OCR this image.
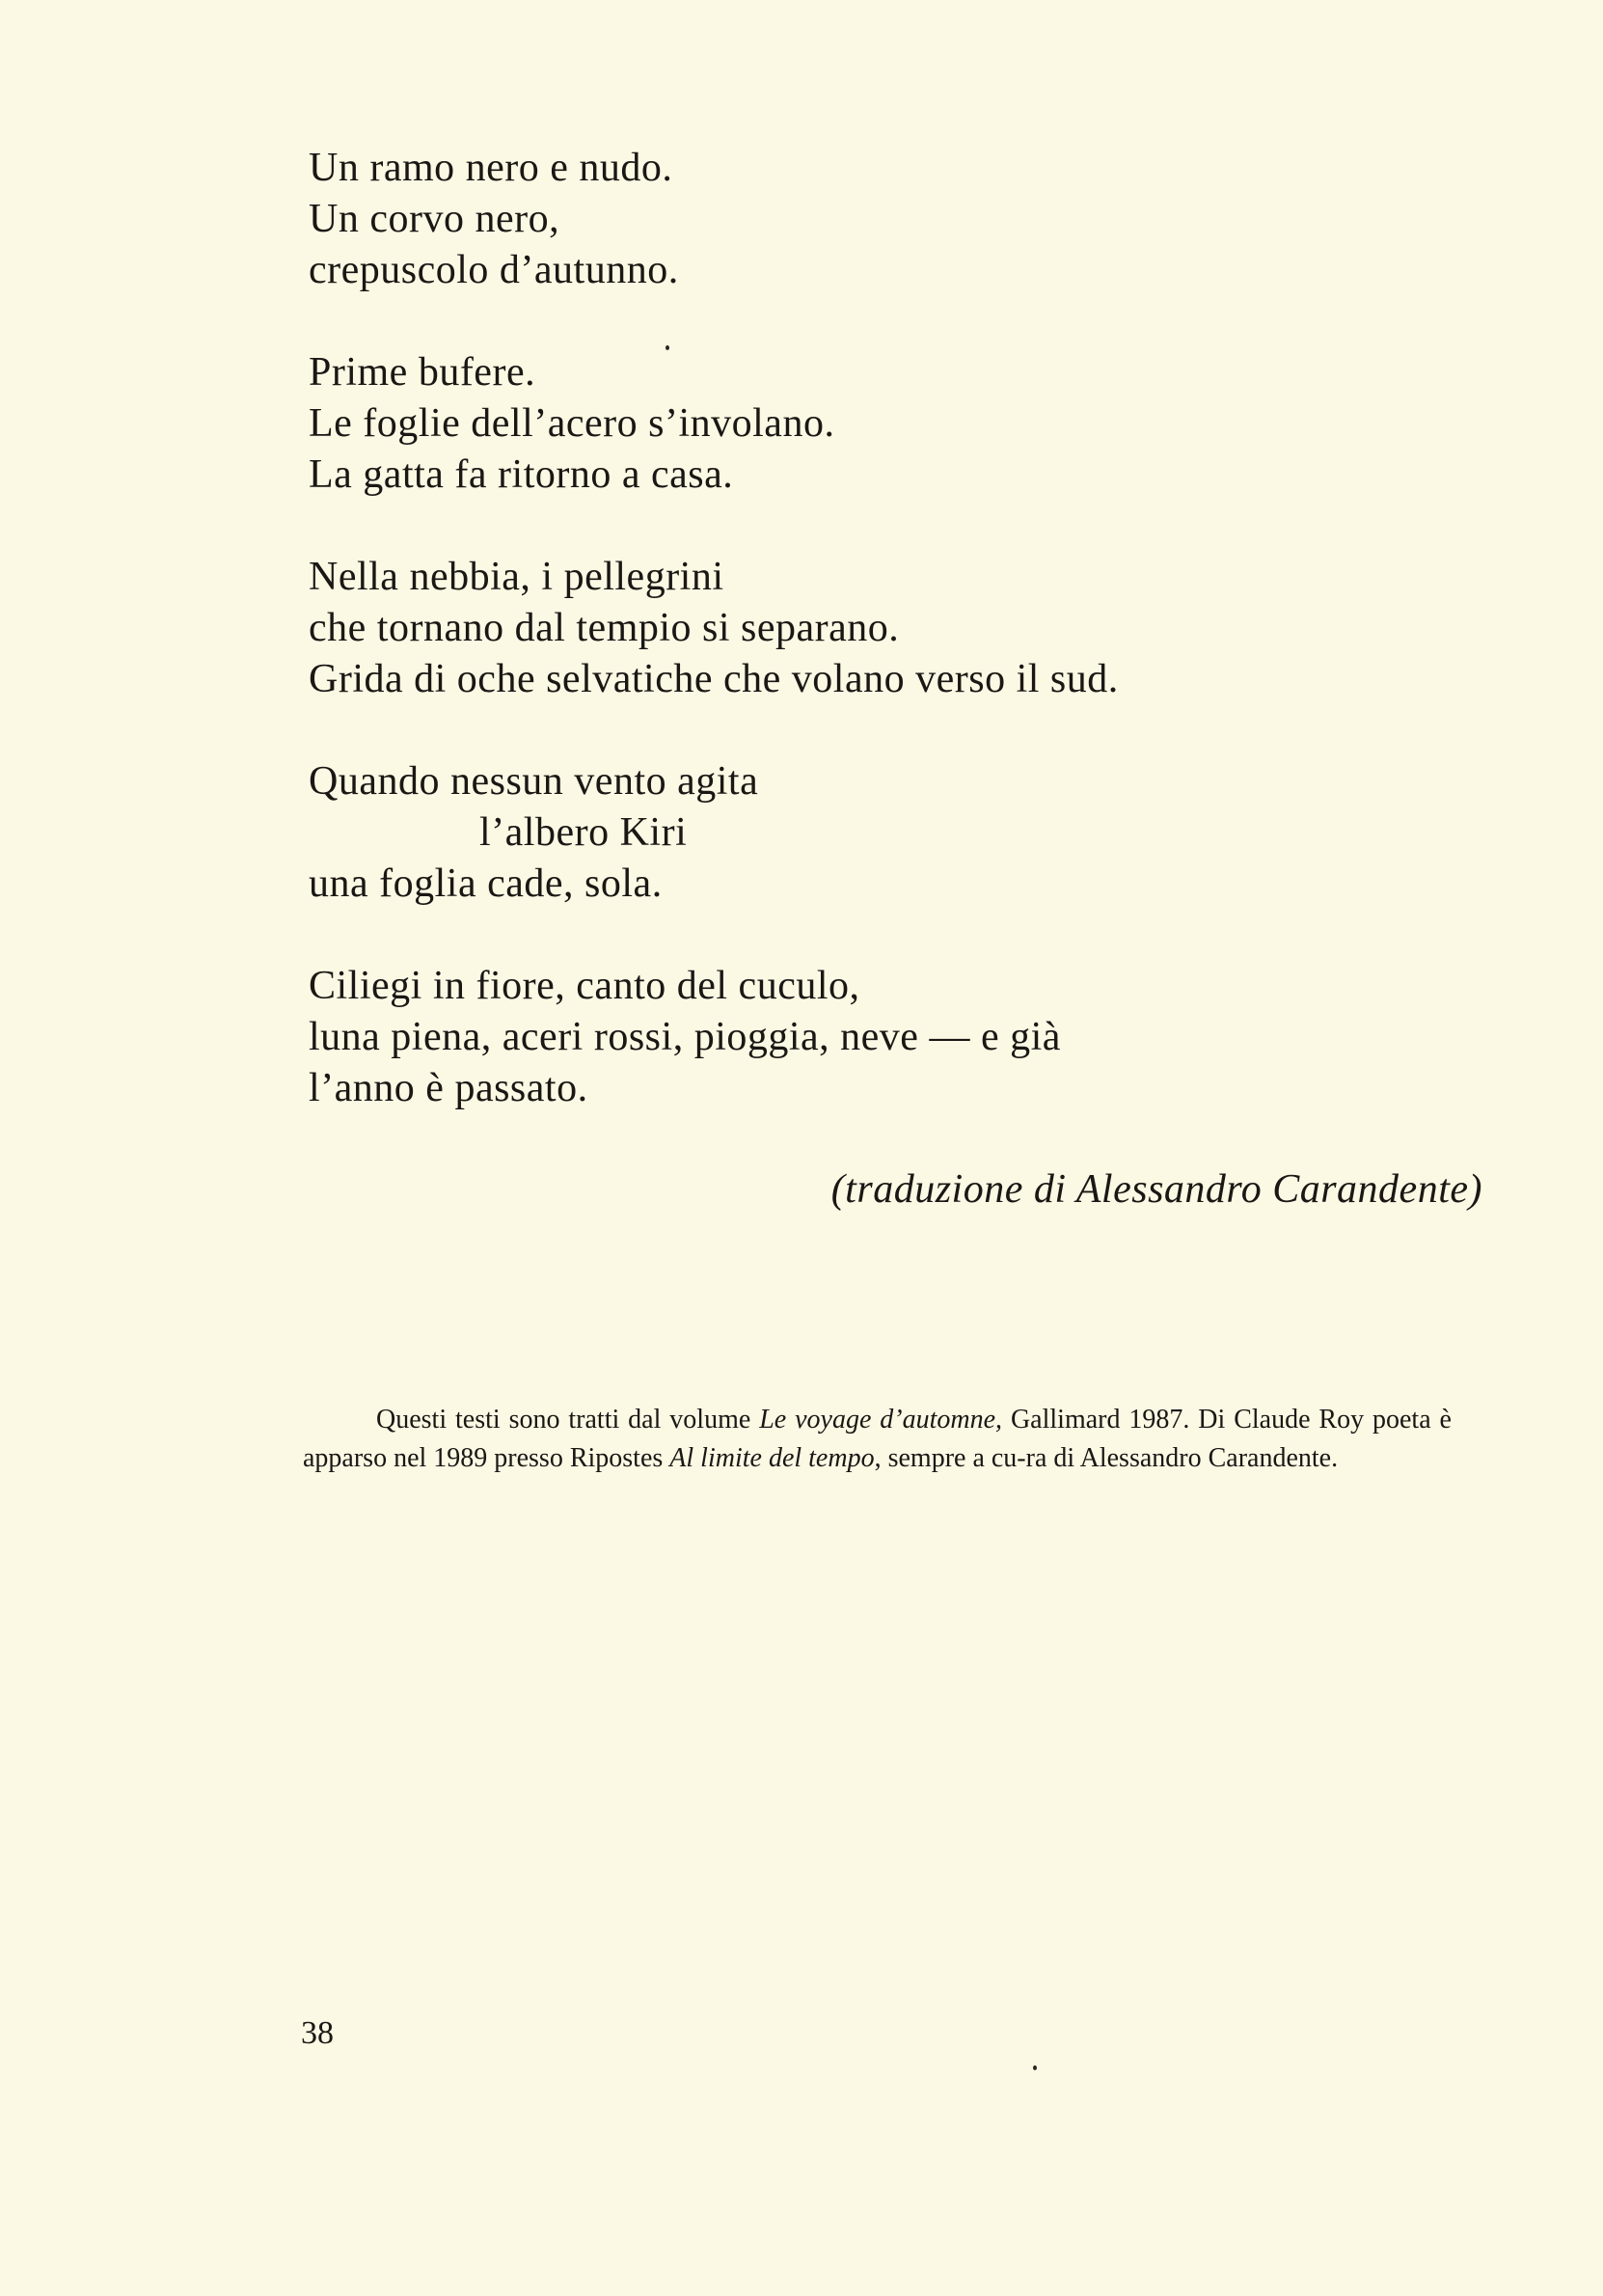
Un ramo nero e nudo.
Un corvo nero,
crepuscolo d’autunno.
Prime bufere.
Le foglie dell’acero s’involano.
La gatta fa ritorno a casa.
Nella nebbia, i pellegrini
che tornano dal tempio si separano.
Grida di oche selvatiche che volano verso il sud.
Quando nessun vento agita
l’albero Kiri
una foglia cade, sola.
Ciliegi in fiore, canto del cuculo,
luna piena, aceri rossi, pioggia, neve — e già
l’anno è passato.
(traduzione di Alessandro Carandente)

Questi testi sono tratti dal volume Le voyage d’automne, Gallimard 1987. Di Claude Roy poeta è apparso nel 1989 presso Ripostes Al limite del tempo, sempre a cu-ra di Alessandro Carandente.

38
